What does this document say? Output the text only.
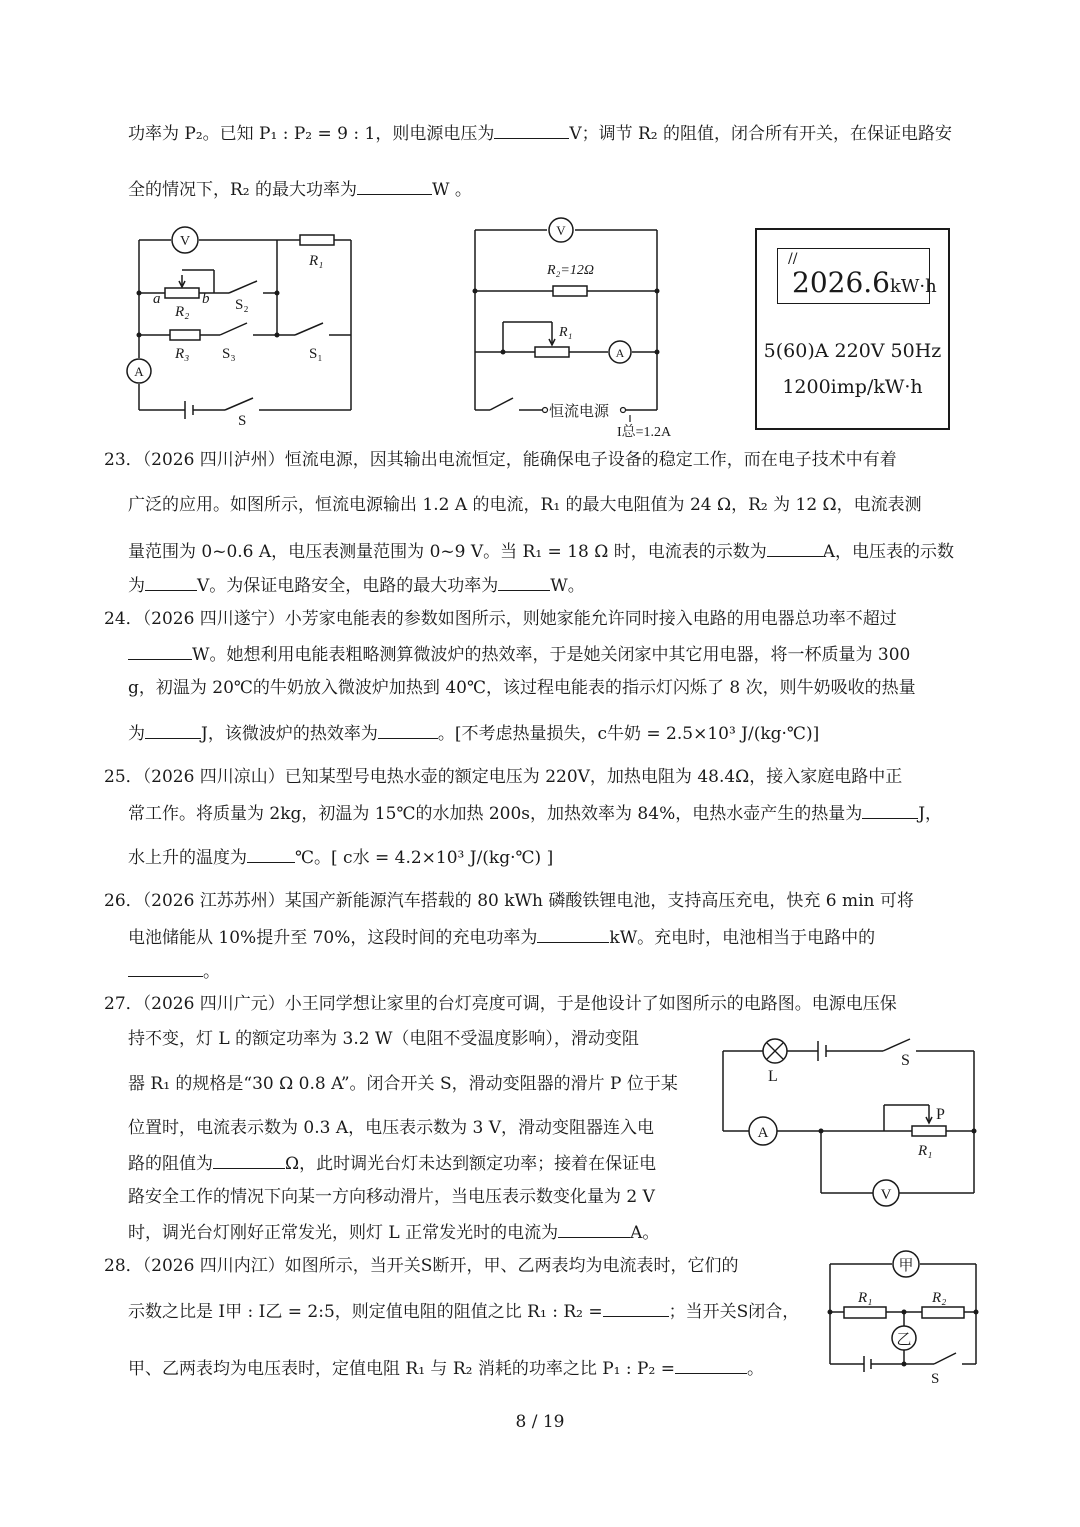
功率为 P₂。已知 P₁ : P₂ = 9 : 1，则电源电压为	V；调节 R₂ 的阻值，闭合所有开关，在保证电路安
全的情况下，R₂ 的最大功率为	W 。
V
A
R₁
a	b
R₂	S₂
R₃ S₃	S₁
S
V
A
R₂=12Ω
R₁
恒流电源
I总=1.2A
//
2026.6kW·h
5(60)A 220V 50Hz
1200imp/kW·h
23．（2026 四川泸州）恒流电源，因其输出电流恒定，能确保电子设备的稳定工作，而在电子技术中有着
广泛的应用。如图所示，恒流电源输出 1.2 A 的电流，R₁ 的最大电阻值为 24 Ω，R₂ 为 12 Ω，电流表测
量范围为 0~0.6 A，电压表测量范围为 0~9 V。当 R₁ = 18 Ω 时，电流表的示数为	A，电压表的示数
为	V。为保证电路安全，电路的最大功率为	W。
24．（2026 四川遂宁）小芳家电能表的参数如图所示，则她家能允许同时接入电路的用电器总功率不超过
W。她想利用电能表粗略测算微波炉的热效率，于是她关闭家中其它用电器，将一杯质量为 300
g，初温为 20℃的牛奶放入微波炉加热到 40℃，该过程电能表的指示灯闪烁了 8 次，则牛奶吸收的热量
为	J，该微波炉的热效率为	。[不考虑热量损失，c牛奶 = 2.5×10³ J/(kg·℃)]
25．（2026 四川凉山）已知某型号电热水壶的额定电压为 220V，加热电阻为 48.4Ω，接入家庭电路中正
常工作。将质量为 2kg，初温为 15℃的水加热 200s，加热效率为 84%，电热水壶产生的热量为	J，
水上升的温度为	℃。[ c水 = 4.2×10³ J/(kg·℃) ]
26．（2026 江苏苏州）某国产新能源汽车搭载的 80 kWh 磷酸铁锂电池，支持高压充电，快充 6 min 可将
电池储能从 10%提升至 70%，这段时间的充电功率为	kW。充电时，电池相当于电路中的
。
27．（2026 四川广元）小王同学想让家里的台灯亮度可调，于是他设计了如图所示的电路图。电源电压保
持不变，灯 L 的额定功率为 3.2 W（电阻不受温度影响），滑动变阻
器 R₁ 的规格是“30 Ω 0.8 A”。闭合开关 S，滑动变阻器的滑片 P 位于某
位置时，电流表示数为 0.3 A，电压表示数为 3 V，滑动变阻器连入电
路的阻值为	Ω，此时调光台灯未达到额定功率；接着在保证电
路安全工作的情况下向某一方向移动滑片，当电压表示数变化量为 2 V
时，调光台灯刚好正常发光，则灯 L 正常发光时的电流为	A。
A
V
L
S
P
R₁
28．（2026 四川内江）如图所示，当开关S断开，甲、乙两表均为电流表时，它们的
示数之比是 I甲 : I乙 = 2:5，则定值电阻的阻值之比 R₁ : R₂ =	；当开关S闭合，
甲、乙两表均为电压表时，定值电阻 R₁ 与 R₂ 消耗的功率之比 P₁ : P₂ =	。
甲
乙
R₁	R₂
S
8 / 19
